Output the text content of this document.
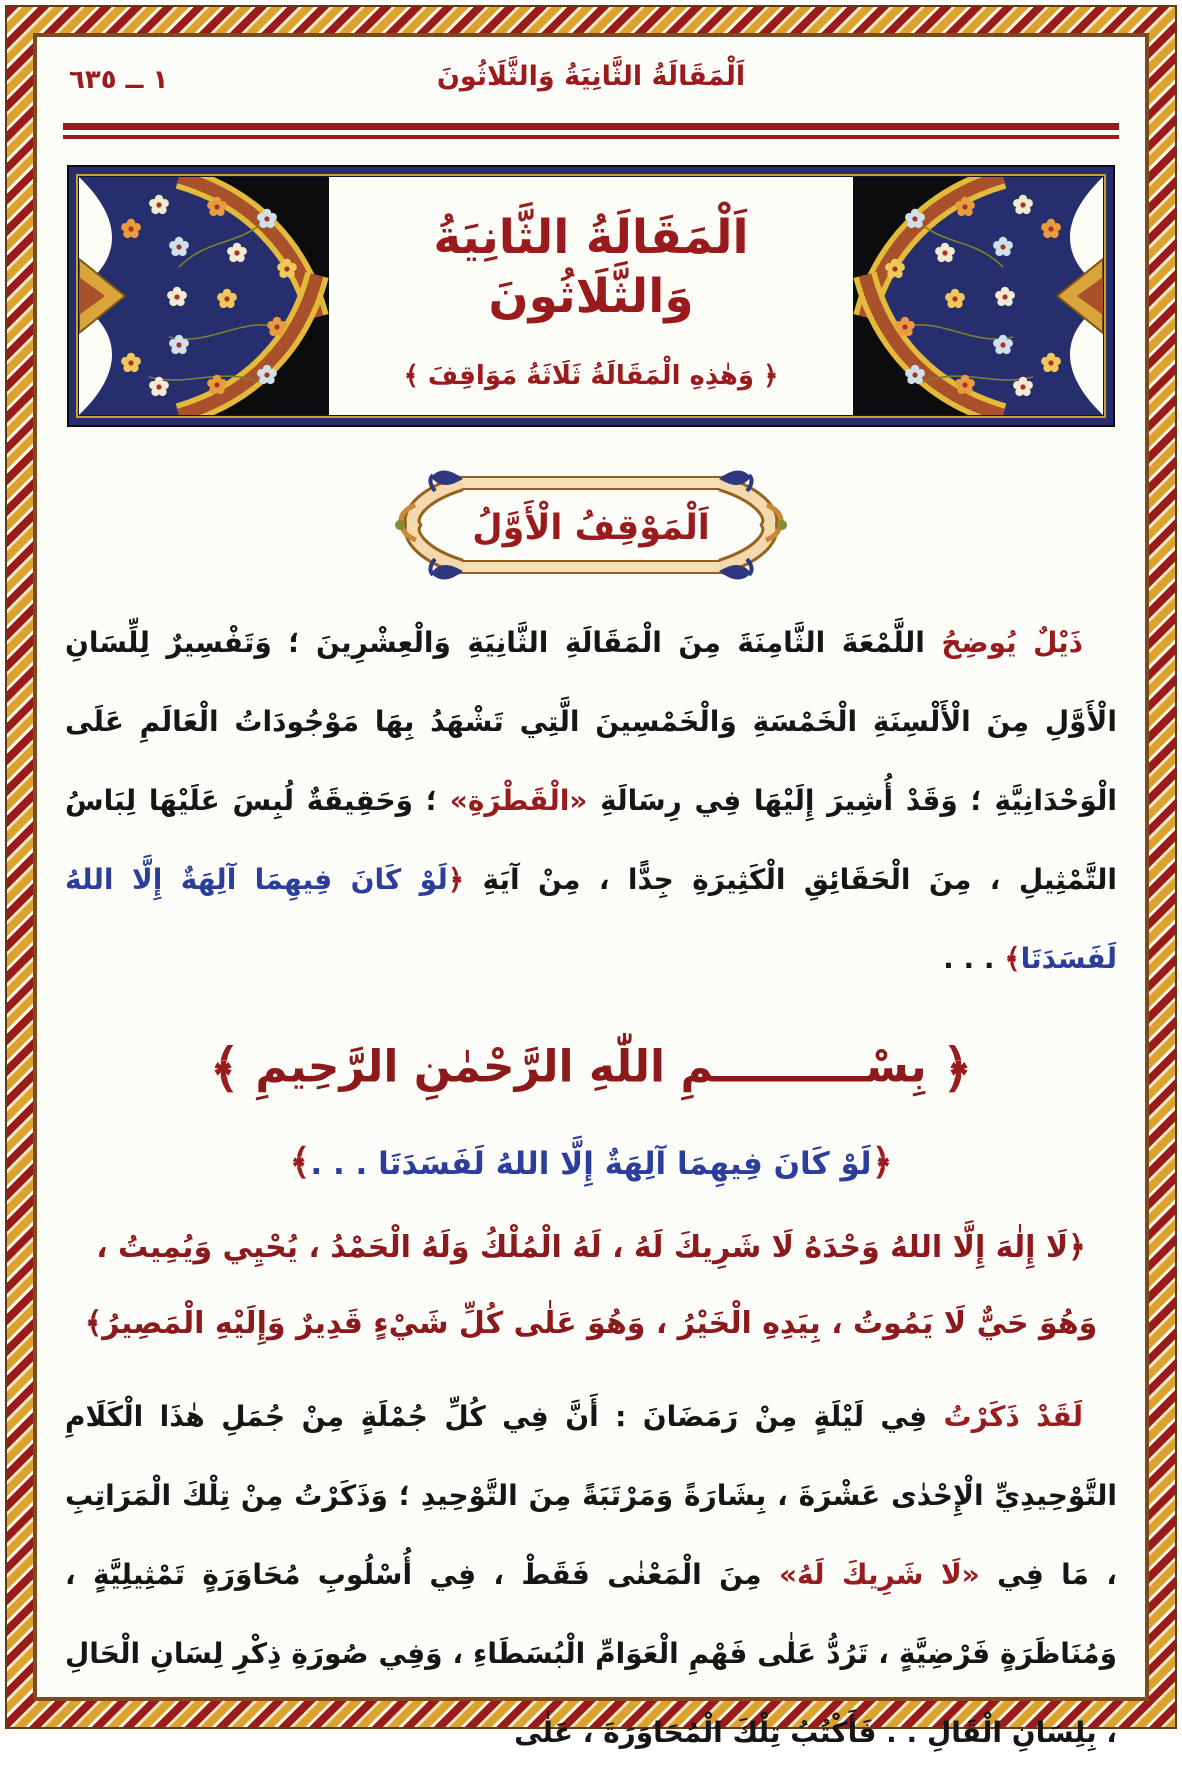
١ ــ ٦٣٥	اَلْمَقَالَةُ الثَّانِيَةُ وَالثَّلَاثُونَ
اَلْمَقَالَةُ الثَّانِيَةُ وَالثَّلَاثُونَ
﴿ وَهٰذِهِ الْمَقَالَةُ ثَلَاثَةُ مَوَاقِفَ ﴾
اَلْمَوْقِفُ الْأَوَّلُ

ذَيْلٌ يُوضِحُ اللَّمْعَةَ الثَّامِنَةَ مِنَ الْمَقَالَةِ الثَّانِيَةِ وَالْعِشْرِينَ ؛ وَتَفْسِيرٌ لِلِّسَانِ الْأَوَّلِ مِنَ الْأَلْسِنَةِ الْخَمْسَةِ وَالْخَمْسِينَ الَّتِي تَشْهَدُ بِهَا مَوْجُودَاتُ الْعَالَمِ عَلَى الْوَحْدَانِيَّةِ ؛ وَقَدْ أُشِيرَ إِلَيْهَا فِي رِسَالَةِ «الْقَطْرَةِ» ؛ وَحَقِيقَةٌ لُبِسَ عَلَيْهَا لِبَاسُ التَّمْثِيلِ ، مِنَ الْحَقَائِقِ الْكَثِيرَةِ جِدًّا ، مِنْ آيَةِ ﴿لَوْ كَانَ فِيهِمَا آلِهَةٌ إِلَّا اللهُ لَفَسَدَتَا﴾ . . .

﴿ بِسْــــــــــمِ اللّٰهِ الرَّحْمٰنِ الرَّحِيمِ ﴾
﴿لَوْ كَانَ فِيهِمَا آلِهَةٌ إِلَّا اللهُ لَفَسَدَتَا . . .﴾
﴿لَا إِلٰهَ إِلَّا اللهُ وَحْدَهُ لَا شَرِيكَ لَهُ ، لَهُ الْمُلْكُ وَلَهُ الْحَمْدُ ، يُحْيِي وَيُمِيتُ ، وَهُوَ حَيٌّ لَا يَمُوتُ ، بِيَدِهِ الْخَيْرُ ، وَهُوَ عَلٰى كُلِّ شَيْءٍ قَدِيرٌ وَإِلَيْهِ الْمَصِيرُ﴾

لَقَدْ ذَكَرْتُ فِي لَيْلَةٍ مِنْ رَمَضَانَ : أَنَّ فِي كُلِّ جُمْلَةٍ مِنْ جُمَلِ هٰذَا الْكَلَامِ التَّوْحِيدِيِّ الْإِحْدٰى عَشْرَةَ ، بِشَارَةً وَمَرْتَبَةً مِنَ التَّوْحِيدِ ؛ وَذَكَرْتُ مِنْ تِلْكَ الْمَرَاتِبِ ، مَا فِي «لَا شَرِيكَ لَهُ» مِنَ الْمَعْنٰى فَقَطْ ، فِي أُسْلُوبِ مُحَاوَرَةٍ تَمْثِيلِيَّةٍ ، وَمُنَاظَرَةٍ فَرْضِيَّةٍ ، تَرُدُّ عَلٰى فَهْمِ الْعَوَامِّ الْبُسَطَاءِ ، وَفِي صُورَةِ ذِكْرِ لِسَانِ الْحَالِ ، بِلِسَانِ الْقَالِ . . فَأَكْتُبُ تِلْكَ الْمُحَاوَرَةَ ، عَلٰى
